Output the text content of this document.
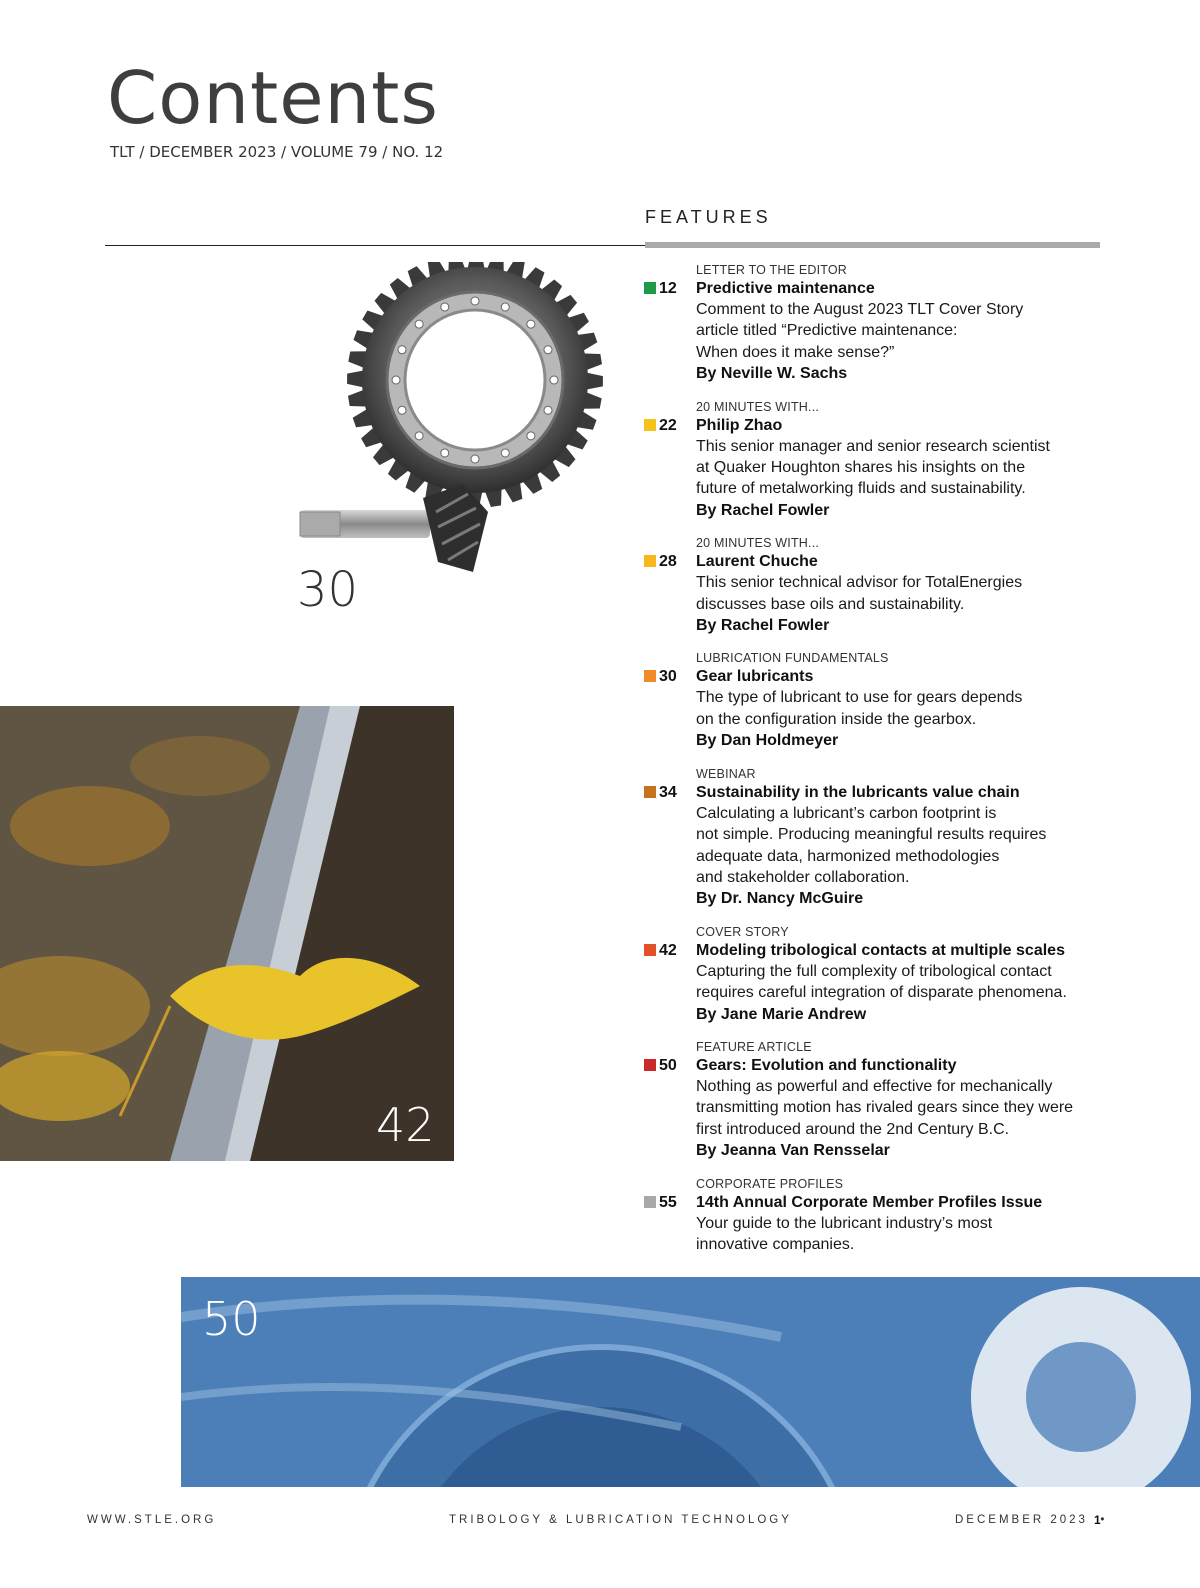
Contents
TLT / DECEMBER 2023 / VOLUME 79 / NO. 12
FEATURES
30
42
50
LETTER TO THE EDITOR
12 Predictive maintenance
Comment to the August 2023 TLT Cover Story
article titled “Predictive maintenance:
When does it make sense?”
By Neville W. Sachs
20 MINUTES WITH...
22 Philip Zhao
This senior manager and senior research scientist
at Quaker Houghton shares his insights on the
future of metalworking fluids and sustainability.
By Rachel Fowler
20 MINUTES WITH...
28 Laurent Chuche
This senior technical advisor for TotalEnergies
discusses base oils and sustainability.
By Rachel Fowler
LUBRICATION FUNDAMENTALS
30 Gear lubricants
The type of lubricant to use for gears depends
on the configuration inside the gearbox.
By Dan Holdmeyer
WEBINAR
34 Sustainability in the lubricants value chain
Calculating a lubricant’s carbon footprint is
not simple. Producing meaningful results requires
adequate data, harmonized methodologies
and stakeholder collaboration.
By Dr. Nancy McGuire
COVER STORY
42 Modeling tribological contacts at multiple scales
Capturing the full complexity of tribological contact
requires careful integration of disparate phenomena.
By Jane Marie Andrew
FEATURE ARTICLE
50 Gears: Evolution and functionality
Nothing as powerful and effective for mechanically
transmitting motion has rivaled gears since they were
first introduced around the 2nd Century B.C.
By Jeanna Van Rensselar
CORPORATE PROFILES
55 14th Annual Corporate Member Profiles Issue
Your guide to the lubricant industry’s most
innovative companies.
WWW.STLE.ORG	TRIBOLOGY & LUBRICATION TECHNOLOGY	DECEMBER 2023 •
1
